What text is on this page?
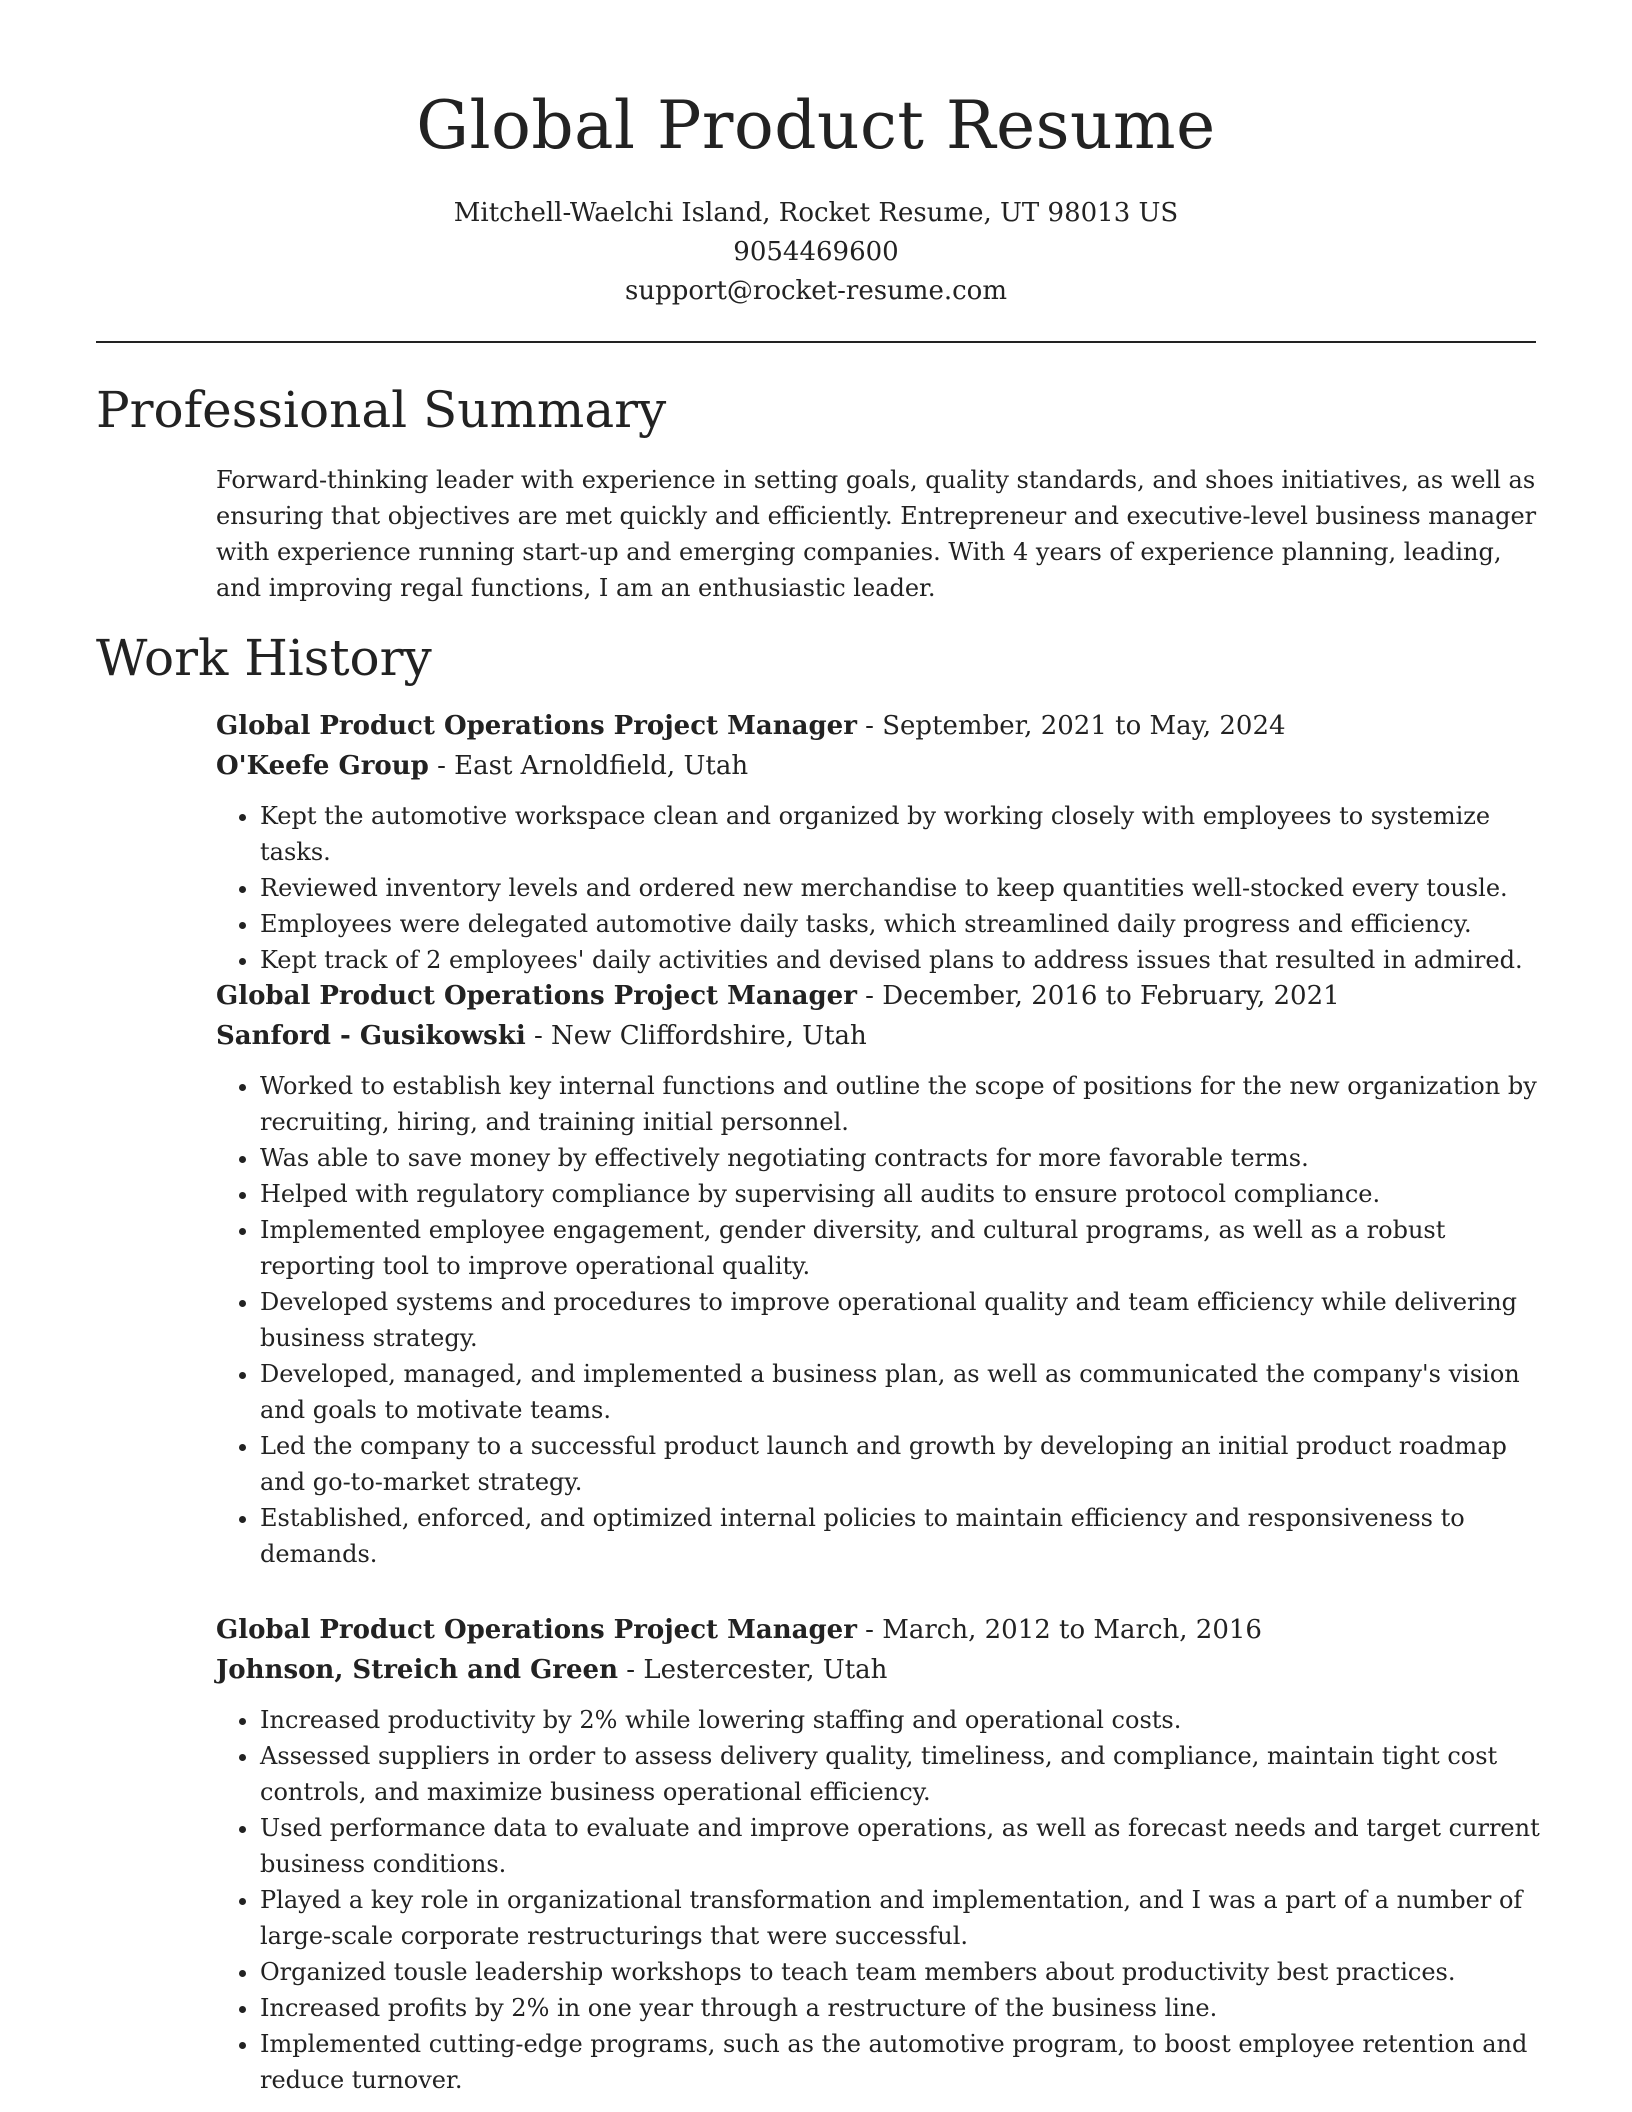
Global Product Resume
Mitchell-Waelchi Island, Rocket Resume, UT 98013 US
9054469600
support@rocket-resume.com
Professional Summary

Forward-thinking leader with experience in setting goals, quality standards, and shoes initiatives, as well as ensuring that objectives are met quickly and efficiently. Entrepreneur and executive-level business manager with experience running start-up and emerging companies. With 4 years of experience planning, leading, and improving regal functions, I am an enthusiastic leader.

Work History
Global Product Operations Project Manager - September, 2021 to May, 2024
O'Keefe Group - East Arnoldfield, Utah
• Kept the automotive workspace clean and organized by working closely with employees to systemize tasks.
• Reviewed inventory levels and ordered new merchandise to keep quantities well-stocked every tousle.
• Employees were delegated automotive daily tasks, which streamlined daily progress and efficiency.
• Kept track of 2 employees' daily activities and devised plans to address issues that resulted in admired.
Global Product Operations Project Manager - December, 2016 to February, 2021
Sanford - Gusikowski - New Cliffordshire, Utah
• Worked to establish key internal functions and outline the scope of positions for the new organization by recruiting, hiring, and training initial personnel.
• Was able to save money by effectively negotiating contracts for more favorable terms.
• Helped with regulatory compliance by supervising all audits to ensure protocol compliance.
• Implemented employee engagement, gender diversity, and cultural programs, as well as a robust reporting tool to improve operational quality.
• Developed systems and procedures to improve operational quality and team efficiency while delivering business strategy.
• Developed, managed, and implemented a business plan, as well as communicated the company's vision and goals to motivate teams.
• Led the company to a successful product launch and growth by developing an initial product roadmap and go-to-market strategy.
• Established, enforced, and optimized internal policies to maintain efficiency and responsiveness to demands.
Global Product Operations Project Manager - March, 2012 to March, 2016
Johnson, Streich and Green - Lestercester, Utah
• Increased productivity by 2% while lowering staffing and operational costs.
• Assessed suppliers in order to assess delivery quality, timeliness, and compliance, maintain tight cost controls, and maximize business operational efficiency.
• Used performance data to evaluate and improve operations, as well as forecast needs and target current business conditions.
• Played a key role in organizational transformation and implementation, and I was a part of a number of large-scale corporate restructurings that were successful.
• Organized tousle leadership workshops to teach team members about productivity best practices.
• Increased profits by 2% in one year through a restructure of the business line.
• Implemented cutting-edge programs, such as the automotive program, to boost employee retention and reduce turnover.
